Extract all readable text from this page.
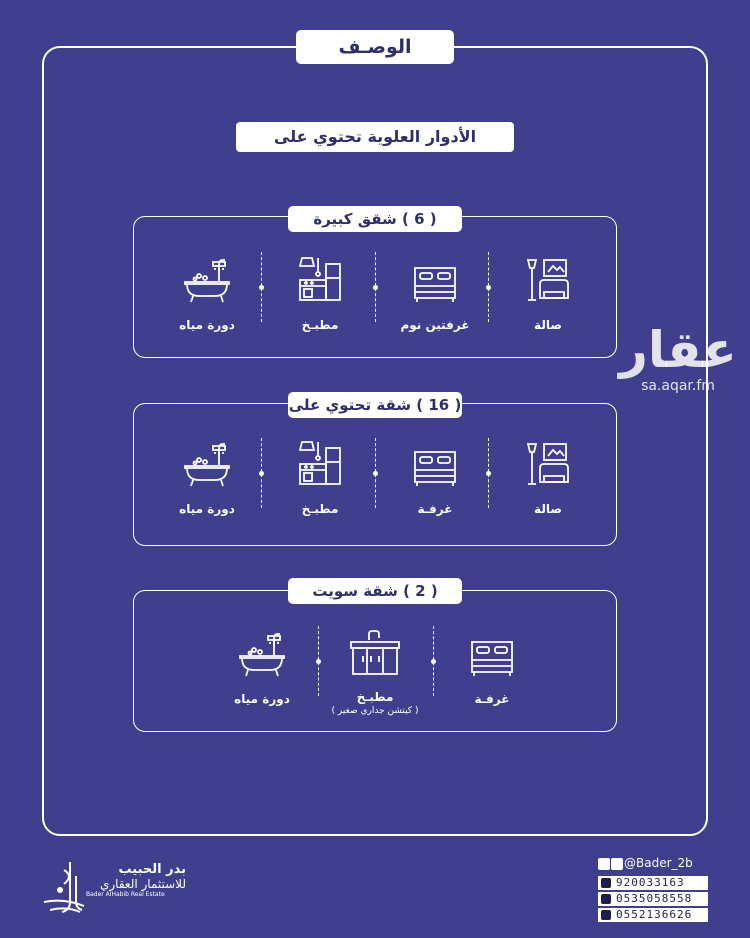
الوصـف
الأدوار العلوية تحتوي على
( 6 ) شقق كبيرة
صالة
غرفتين نوم
مطبـخ
دورة مياه
( 16 ) شقة تحتوي على
صالة
غرفـة
مطبـخ
دورة مياه
( 2 ) شقة سويت
غرفـة
مطبـخ
( كيتشن جداري صغير )
دورة مياه
عقار
sa.aqar.fm
بدر الحبيب
للاستثمار العقاري
Bader AlHabib Real Estate
@Bader_2b
920033163
0535058558
0552136626
